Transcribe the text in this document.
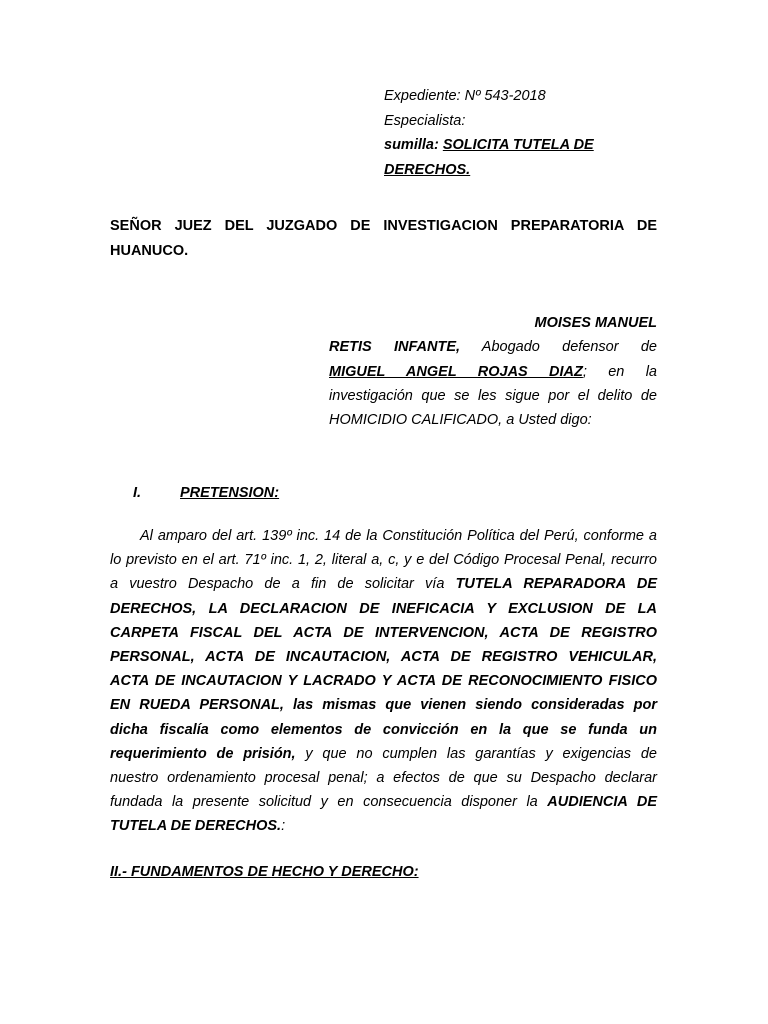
Expediente: Nº 543-2018
Especialista:
sumilla: SOLICITA TUTELA DE
DERECHOS.
SEÑOR JUEZ DEL JUZGADO DE INVESTIGACION PREPARATORIA DE
HUANUCO.
MOISES MANUEL
RETIS INFANTE, Abogado defensor de
MIGUEL ANGEL ROJAS DIAZ; en la
investigación que se les sigue por el delito de
HOMICIDIO CALIFICADO, a Usted digo:
I.	PRETENSION:
Al amparo del art. 139º inc. 14 de la Constitución Política del Perú, conforme a
lo previsto en el art. 71º inc. 1, 2, literal a, c, y e del Código Procesal Penal, recurro
a vuestro Despacho de a fin de solicitar vía TUTELA REPARADORA DE
DERECHOS, LA DECLARACION DE INEFICACIA Y EXCLUSION DE LA
CARPETA FISCAL DEL ACTA DE INTERVENCION, ACTA DE REGISTRO
PERSONAL, ACTA DE INCAUTACION, ACTA DE REGISTRO VEHICULAR,
ACTA DE INCAUTACION Y LACRADO Y ACTA DE RECONOCIMIENTO FISICO
EN RUEDA PERSONAL, las mismas que vienen siendo consideradas por
dicha fiscalía como elementos de convicción en la que se funda un
requerimiento de prisión, y que no cumplen las garantías y exigencias de
nuestro ordenamiento procesal penal; a efectos de que su Despacho declarar
fundada la presente solicitud y en consecuencia disponer la AUDIENCIA DE
TUTELA DE DERECHOS.:
II.- FUNDAMENTOS DE HECHO Y DERECHO:
